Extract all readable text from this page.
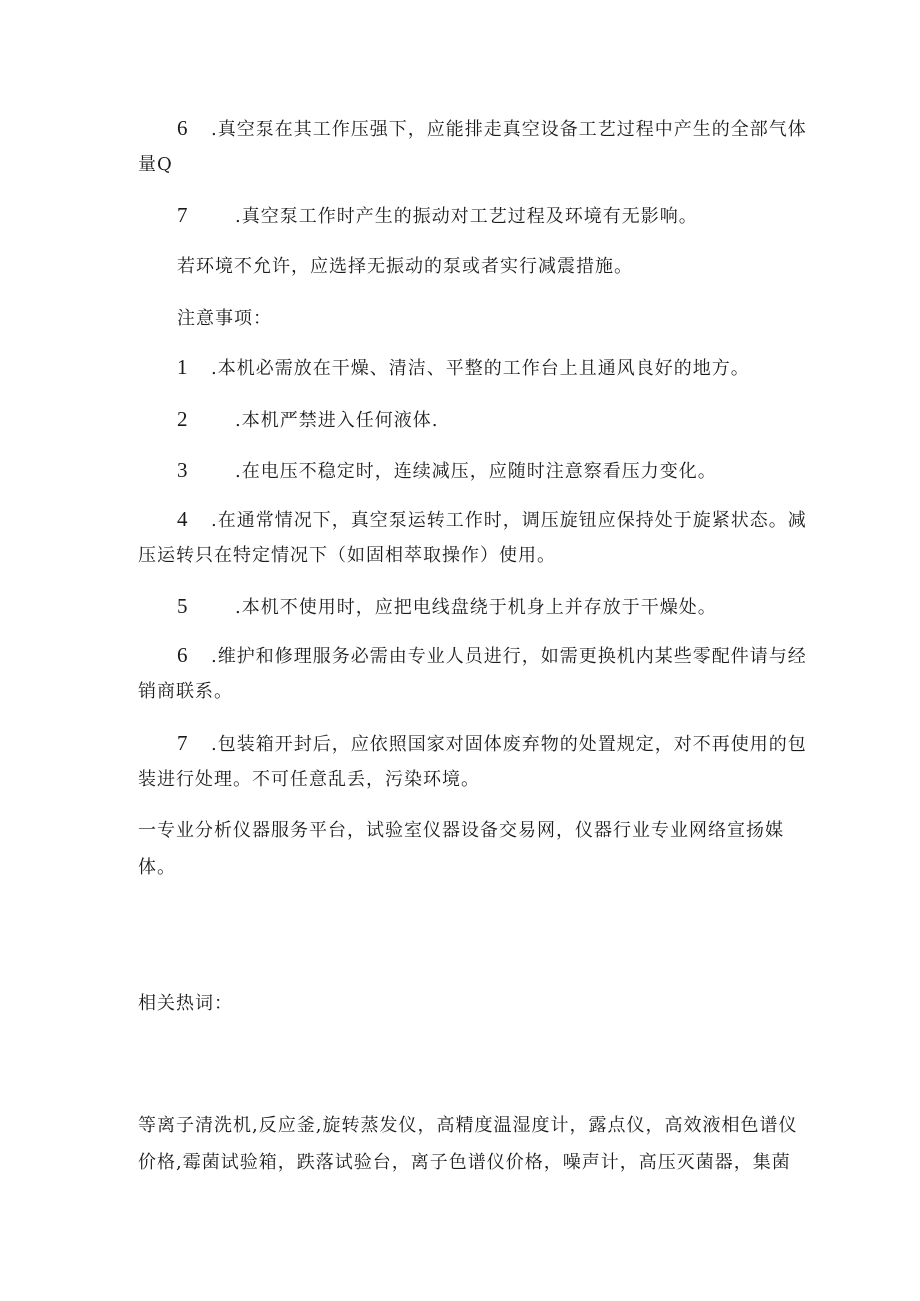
6 .真空泵在其工作压强下，应能排走真空设备工艺过程中产生的全部气体
量Q
7	.真空泵工作时产生的振动对工艺过程及环境有无影响。
若环境不允许，应选择无振动的泵或者实行减震措施。
注意事项：
1 .本机必需放在干燥、清洁、平整的工作台上且通风良好的地方。
2	.本机严禁进入任何液体.
3	.在电压不稳定时，连续减压，应随时注意察看压力变化。
4 .在通常情况下，真空泵运转工作时，调压旋钮应保持处于旋紧状态。减
压运转只在特定情况下（如固相萃取操作）使用。
5	.本机不使用时，应把电线盘绕于机身上并存放于干燥处。
6 .维护和修理服务必需由专业人员进行，如需更换机内某些零配件请与经
销商联系。
7 .包装箱开封后，应依照国家对固体废弃物的处置规定，对不再使用的包
装进行处理。不可任意乱丢，污染环境。
一专业分析仪器服务平台，试验室仪器设备交易网，仪器行业专业网络宣扬媒
体。
相关热词：
等离子清洗机,反应釜,旋转蒸发仪，高精度温湿度计，露点仪，高效液相色谱仪
价格,霉菌试验箱，跌落试验台，离子色谱仪价格，噪声计，高压灭菌器，集菌
